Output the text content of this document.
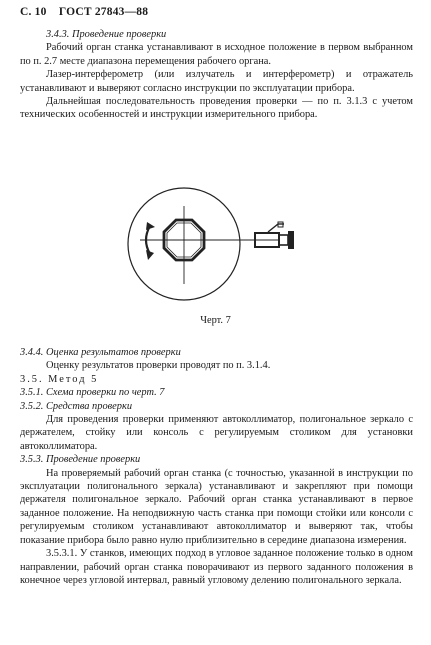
С. 10 ГОСТ 27843—88

3.4.3. Проведение проверки

Рабочий орган станка устанавливают в исходное положение в первом выбранном по п. 2.7 месте диапазона перемещения рабочего органа.

Лазер-интерферометр (или излучатель и интерферометр) и отражатель устанавливают и выверяют согласно инструкции по эксплуатации прибора.

Дальнейшая последовательность проведения проверки — по п. 3.1.3 с учетом технических особенностей и инструкции измерительного прибора.

Черт. 7

3.4.4. Оценка результатов проверки

Оценку результатов проверки проводят по п. 3.1.4.

3.5. Метод 5

3.5.1. Схема проверки по черт. 7

3.5.2. Средства проверки

Для проведения проверки применяют автоколлиматор, полигональное зеркало с держателем, стойку или консоль с регулируемым столиком для установки автоколлиматора.

3.5.3. Проведение проверки

На проверяемый рабочий орган станка (с точностью, указанной в инструкции по эксплуатации полигонального зеркала) устанавливают и закрепляют при помощи держателя полигональное зеркало. Рабочий орган станка устанавливают в первое заданное положение. На неподвижную часть станка при помощи стойки или консоли с регулируемым столиком устанавливают автоколлиматор и выверяют так, чтобы показание прибора было равно нулю приблизительно в середине диапазона измерения.

3.5.3.1. У станков, имеющих подход в угловое заданное положение только в одном направлении, рабочий орган станка поворачивают из первого заданного положения в конечное через угловой интервал, равный угловому делению полигонального зеркала.
